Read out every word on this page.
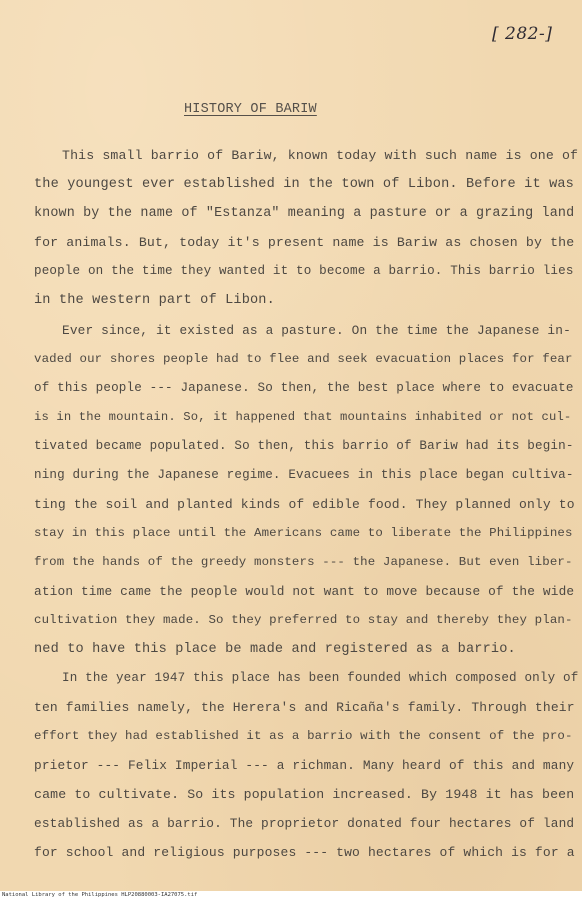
[ 282-]
HISTORY OF BARIW
This small barrio of Bariw, known today with such name is one of
the youngest ever established in the town of Libon. Before it was
known by the name of "Estanza" meaning a pasture or a grazing land
for animals. But, today it's present name is Bariw as chosen by the
people on the time they wanted it to become a barrio. This barrio lies
in the western part of Libon.
Ever since, it existed as a pasture. On the time the Japanese in-
vaded our shores people had to flee and seek evacuation places for fear
of this people --- Japanese. So then, the best place where to evacuate
is in the mountain. So, it happened that mountains inhabited or not cul-
tivated became populated. So then, this barrio of Bariw had its begin-
ning during the Japanese regime. Evacuees in this place began cultiva-
ting the soil and planted kinds of edible food. They planned only to
stay in this place until the Americans came to liberate the Philippines
from the hands of the greedy monsters --- the Japanese. But even liber-
ation time came the people would not want to move because of the wide
cultivation they made. So they preferred to stay and thereby they plan-
ned to have this place be made and registered as a barrio.
In the year 1947 this place has been founded which composed only of
ten families namely, the Herera's and Ricaña's family. Through their
effort they had established it as a barrio with the consent of the pro-
prietor --- Felix Imperial --- a richman. Many heard of this and many
came to cultivate. So its population increased. By 1948 it has been
established as a barrio. The proprietor donated four hectares of land
for school and religious purposes --- two hectares of which is for a
National Library of the Philippines HLP20880003-IA27075.tif
